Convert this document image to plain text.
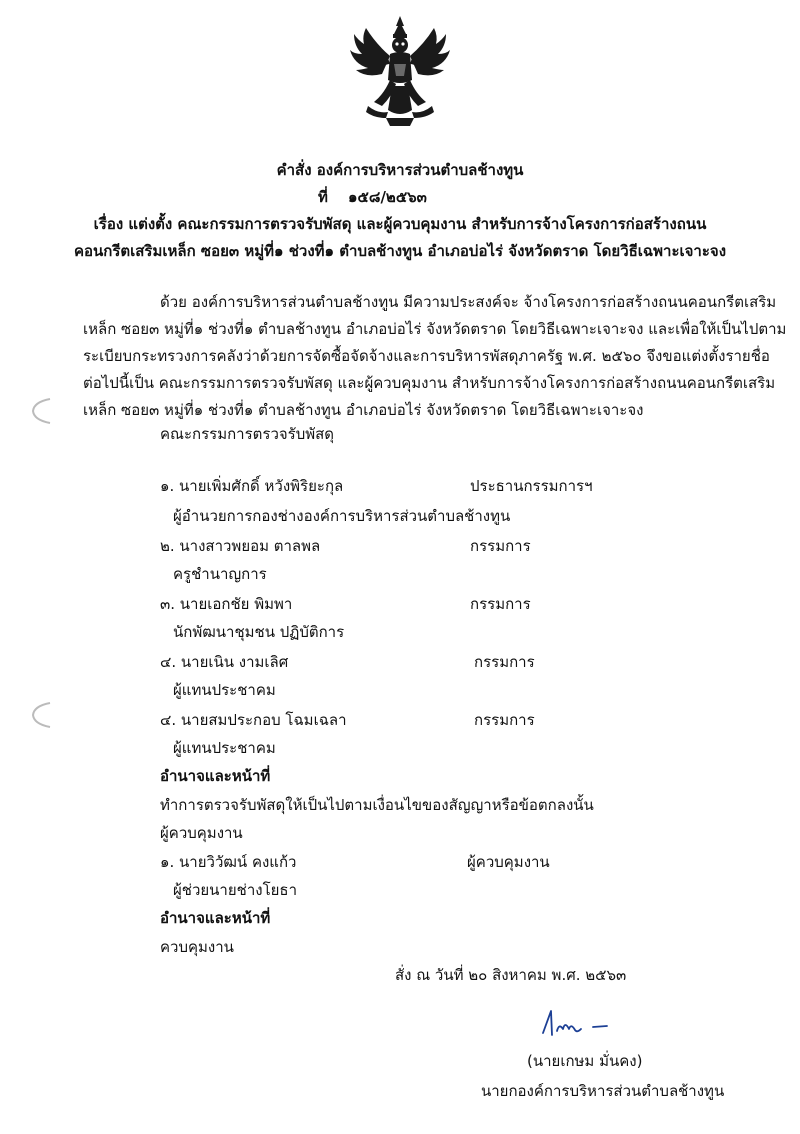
คำสั่ง องค์การบริหารส่วนตำบลช้างทูน
ที่ ๑๕๘/๒๕๖๓
เรื่อง แต่งตั้ง คณะกรรมการตรวจรับพัสดุ และผู้ควบคุมงาน สำหรับการจ้างโครงการก่อสร้างถนน
คอนกรีตเสริมเหล็ก ซอย๓ หมู่ที่๑ ช่วงที่๑ ตำบลช้างทูน อำเภอบ่อไร่ จังหวัดตราด โดยวิธีเฉพาะเจาะจง
ด้วย องค์การบริหารส่วนตำบลช้างทูน มีความประสงค์จะ จ้างโครงการก่อสร้างถนนคอนกรีตเสริม
เหล็ก ซอย๓ หมู่ที่๑ ช่วงที่๑ ตำบลช้างทูน อำเภอบ่อไร่ จังหวัดตราด โดยวิธีเฉพาะเจาะจง และเพื่อให้เป็นไปตาม
ระเบียบกระทรวงการคลังว่าด้วยการจัดซื้อจัดจ้างและการบริหารพัสดุภาครัฐ พ.ศ. ๒๕๖๐ จึงขอแต่งตั้งรายชื่อ
ต่อไปนี้เป็น คณะกรรมการตรวจรับพัสดุ และผู้ควบคุมงาน สำหรับการจ้างโครงการก่อสร้างถนนคอนกรีตเสริม
เหล็ก ซอย๓ หมู่ที่๑ ช่วงที่๑ ตำบลช้างทูน อำเภอบ่อไร่ จังหวัดตราด โดยวิธีเฉพาะเจาะจง
คณะกรรมการตรวจรับพัสดุ
๑. นายเพิ่มศักดิ์ หวังพิริยะกุล	ประธานกรรมการฯ
ผู้อำนวยการกองช่างองค์การบริหารส่วนตำบลช้างทูน
๒. นางสาวพยอม ตาลพล	กรรมการ
ครูชำนาญการ
๓. นายเอกชัย พิมพา	กรรมการ
นักพัฒนาชุมชน ปฏิบัติการ
๔. นายเนิน งามเลิศ	กรรมการ
ผู้แทนประชาคม
๔. นายสมประกอบ โฉมเฉลา	กรรมการ
ผู้แทนประชาคม
อำนาจและหน้าที่
ทำการตรวจรับพัสดุให้เป็นไปตามเงื่อนไขของสัญญาหรือข้อตกลงนั้น
ผู้ควบคุมงาน
๑. นายวิวัฒน์ คงแก้ว	ผู้ควบคุมงาน
ผู้ช่วยนายช่างโยธา
อำนาจและหน้าที่
ควบคุมงาน
สั่ง ณ วันที่ ๒๐ สิงหาคม พ.ศ. ๒๕๖๓
(นายเกษม มั่นคง)
นายกองค์การบริหารส่วนตำบลช้างทูน
